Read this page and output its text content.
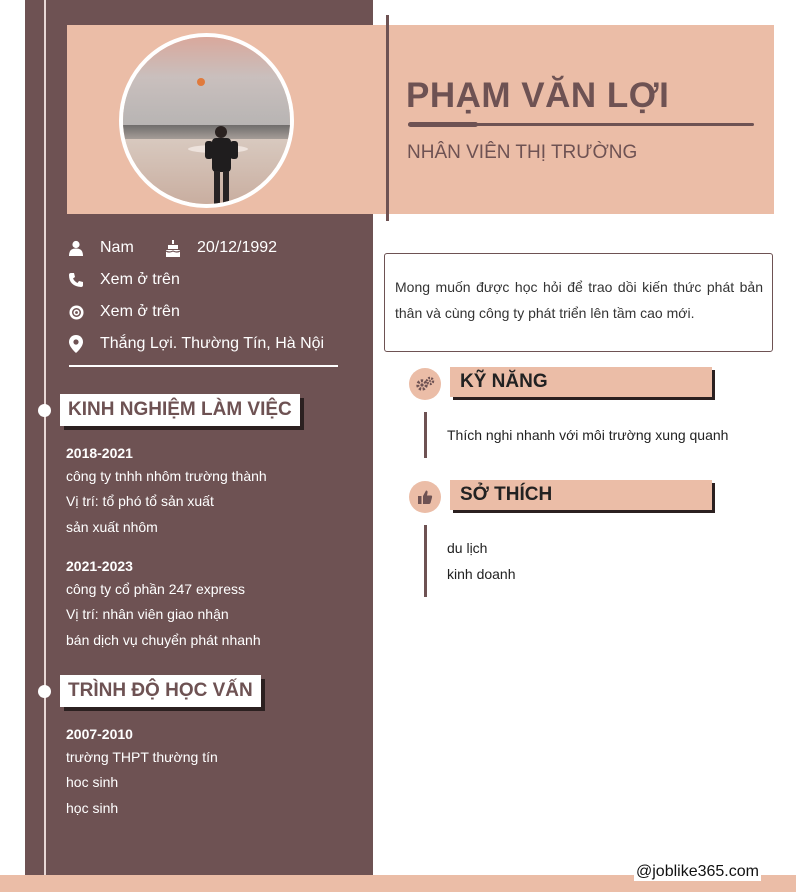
PHẠM VĂN LỢI
NHÂN VIÊN THỊ TRƯỜNG
Nam	20/12/1992
Xem ở trên
Xem ở trên
Thắng Lợi. Thường Tín, Hà Nội
KINH NGHIỆM LÀM VIỆC
2018-2021
công ty tnhh nhôm trường thành
Vị trí: tổ phó tổ sản xuất
sản xuất nhôm
2021-2023
công ty cổ phần 247 express
Vị trí: nhân viên giao nhận
bán dịch vụ chuyển phát nhanh
TRÌNH ĐỘ HỌC VẤN
2007-2010
trường THPT thường tín
hoc sinh
học sinh
Mong muốn được học hỏi để trao dồi kiến thức phát bản thân và cùng công ty phát triển lên tầm cao mới.
KỸ NĂNG
Thích nghi nhanh với môi trường xung quanh
SỞ THÍCH
du lịch
kinh doanh
@joblike365.com
